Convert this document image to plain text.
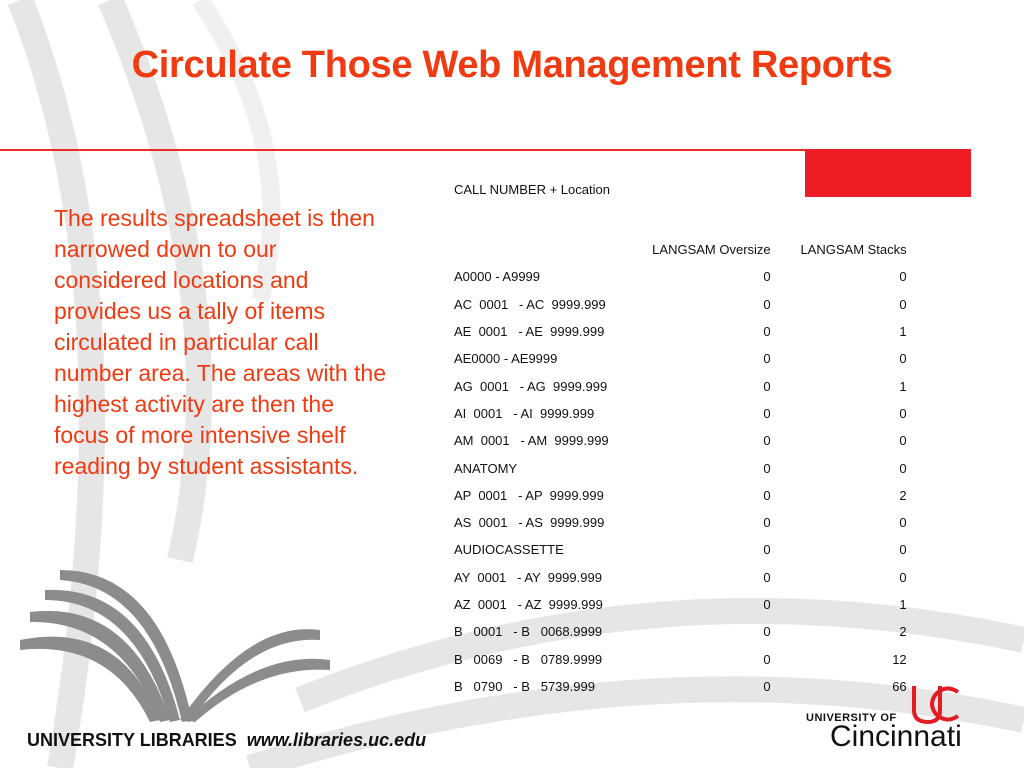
Circulate Those Web Management Reports
The results spreadsheet is then narrowed down to our considered locations and provides us a tally of items circulated in particular call number area. The areas with the highest activity are then the focus of more intensive shelf reading by student assistants.
CALL NUMBER + Location
	LANGSAM Oversize	LANGSAM Stacks
A0000 - A9999	0	0
AC  0001   - AC  9999.999	0	0
AE  0001   - AE  9999.999	0	1
AE0000 - AE9999	0	0
AG  0001   - AG  9999.999	0	1
AI  0001   - AI  9999.999	0	0
AM  0001   - AM  9999.999	0	0
ANATOMY	0	0
AP  0001   - AP  9999.999	0	2
AS  0001   - AS  9999.999	0	0
AUDIOCASSETTE	0	0
AY  0001   - AY  9999.999	0	0
AZ  0001   - AZ  9999.999	0	1
B   0001   - B   0068.9999	0	2
B   0069   - B   0789.9999	0	12
B   0790   - B   5739.999	0	66
UNIVERSITY LIBRARIES www.libraries.uc.edu
UNIVERSITY OF
Cincinnati
